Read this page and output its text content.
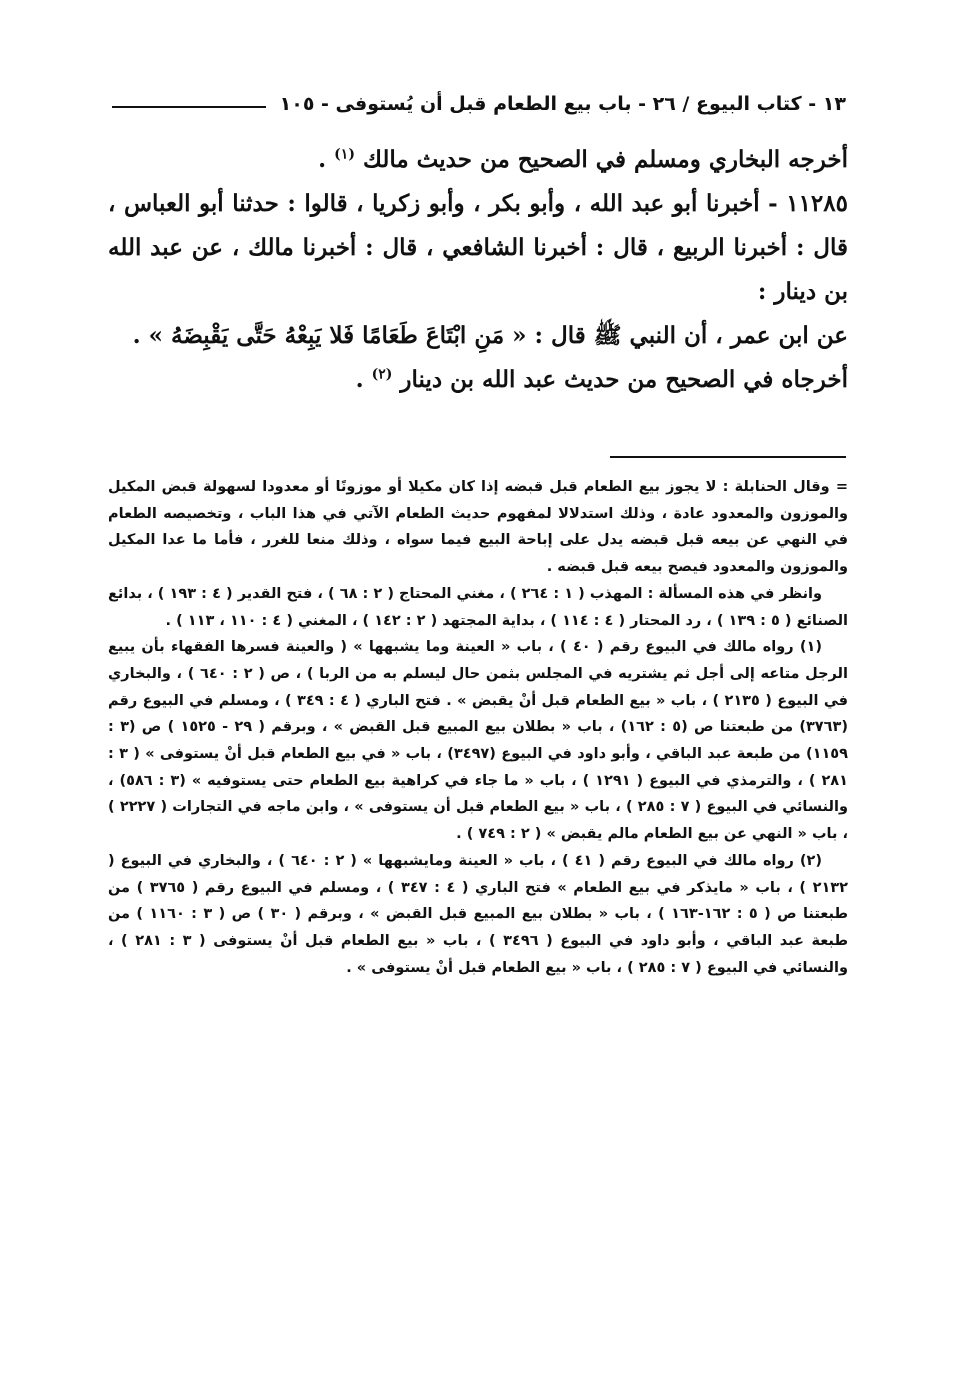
١٣ - كتاب البيوع / ٢٦ - باب بيع الطعام قبل أن يُستوفى - ١٠٥

أخرجه البخاري ومسلم في الصحيح من حديث مالك $^{(١)}$ .

١١٢٨٥ - أخبرنا أبو عبد الله ، وأبو بكر ، وأبو زكريا ، قالوا : حدثنا أبو العباس ، قال : أخبرنا الربيع ، قال : أخبرنا الشافعي ، قال : أخبرنا مالك ، عن عبد الله بن دينار :

عن ابن عمر ، أن النبي ﷺ قال : « مَنِ ابْتَاعَ طَعَامًا فَلا يَبِعْهُ حَتَّى يَقْبِضَهُ » .

أخرجاه في الصحيح من حديث عبد الله بن دينار $^{(٢)}$ .

= وقال الحنابلة : لا يجوز بيع الطعام قبل قبضه إذا كان مكيلا أو موزونًا أو معدودا لسهولة قبض المكيل والموزون والمعدود عادة ، وذلك استدلالا لمفهوم حديث الطعام الآتي في هذا الباب ، وتخصيصه الطعام في النهي عن بيعه قبل قبضه يدل على إباحة البيع فيما سواه ، وذلك منعا للغرر ، فأما ما عدا المكيل والموزون والمعدود فيصح بيعه قبل قبضه .

وانظر في هذه المسألة : المهذب ( ١ : ٢٦٤ ) ، مغني المحتاج ( ٢ : ٦٨ ) ، فتح القدير ( ٤ : ١٩٣ ) ، بدائع الصنائع ( ٥ : ١٣٩ ) ، رد المحتار ( ٤ : ١١٤ ) ، بداية المجتهد ( ٢ : ١٤٢ ) ، المغني ( ٤ : ١١٠ ، ١١٣ ) .

(١) رواه مالك في البيوع رقم ( ٤٠ ) ، باب « العينة وما يشبهها » ( والعينة فسرها الفقهاء بأن يبيع الرجل متاعه إلى أجل ثم يشتريه في المجلس بثمن حال ليسلم به من الربا ) ، ص ( ٢ : ٦٤٠ ) ، والبخاري في البيوع ( ٢١٣٥ ) ، باب « بيع الطعام قبل أنْ يقبض » . فتح الباري ( ٤ : ٣٤٩ ) ، ومسلم في البيوع رقم (٣٧٦٣) من طبعتنا ص (٥ : ١٦٢) ، باب « بطلان بيع المبيع قبل القبض » ، وبرقم ( ٢٩ - ١٥٢٥ ) ص (٣ : ١١٥٩) من طبعة عبد الباقي ، وأبو داود في البيوع (٣٤٩٧) ، باب « في بيع الطعام قبل أنْ يستوفى » ( ٣ : ٢٨١ ) ، والترمذي في البيوع ( ١٢٩١ ) ، باب « ما جاء في كراهية بيع الطعام حتى يستوفيه » (٣ : ٥٨٦) ، والنسائي في البيوع ( ٧ : ٢٨٥ ) ، باب « بيع الطعام قبل أن يستوفى » ، وابن ماجه في التجارات ( ٢٢٢٧ ) ، باب « النهي عن بيع الطعام مالم يقبض » ( ٢ : ٧٤٩ ) .

(٢) رواه مالك في البيوع رقم ( ٤١ ) ، باب « العينة ومايشبهها » ( ٢ : ٦٤٠ ) ، والبخاري في البيوع ( ٢١٣٢ ) ، باب « مايذكر في بيع الطعام » فتح الباري ( ٤ : ٣٤٧ ) ، ومسلم في البيوع رقم ( ٣٧٦٥ ) من طبعتنا ص ( ٥ : ١٦٢-١٦٣ ) ، باب « بطلان بيع المبيع قبل القبض » ، وبرقم ( ٣٠ ) ص ( ٣ : ١١٦٠ ) من طبعة عبد الباقي ، وأبو داود في البيوع ( ٣٤٩٦ ) ، باب « بيع الطعام قبل أنْ يستوفى ( ٣ : ٢٨١ ) ، والنسائي في البيوع ( ٧ : ٢٨٥ ) ، باب « بيع الطعام قبل أنْ يستوفى » .
